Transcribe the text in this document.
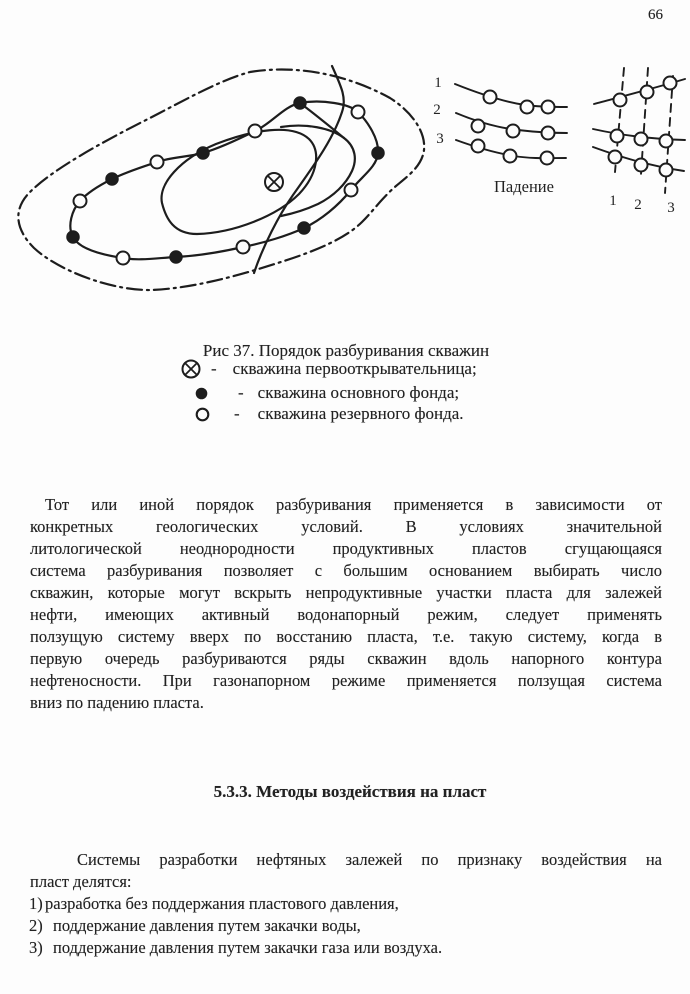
66
1
2
3
Падение
1 2 3
Рис 37. Порядок разбуривания скважин
- скважина первооткрывательница;
- скважина основного фонда;
- скважина резервного фонда.
Тот или иной порядок разбуривания применяется в зависимости от
конкретных геологических условий. В условиях значительной
литологической неоднородности продуктивных пластов сгущающаяся
система разбуривания позволяет с большим основанием выбирать число
скважин, которые могут вскрыть непродуктивные участки пласта для залежей
нефти, имеющих активный водонапорный режим, следует применять
ползущую систему вверх по восстанию пласта, т.е. такую систему, когда в
первую очередь разбуриваются ряды скважин вдоль напорного контура
нефтеносности. При газонапорном режиме применяется ползущая система
вниз по падению пласта.
5.3.3. Методы воздействия на пласт
Системы разработки нефтяных залежей по признаку воздействия на
пласт делятся:
1) разработка без поддержания пластового давления,
2) поддержание давления путем закачки воды,
3) поддержание давления путем закачки газа или воздуха.
